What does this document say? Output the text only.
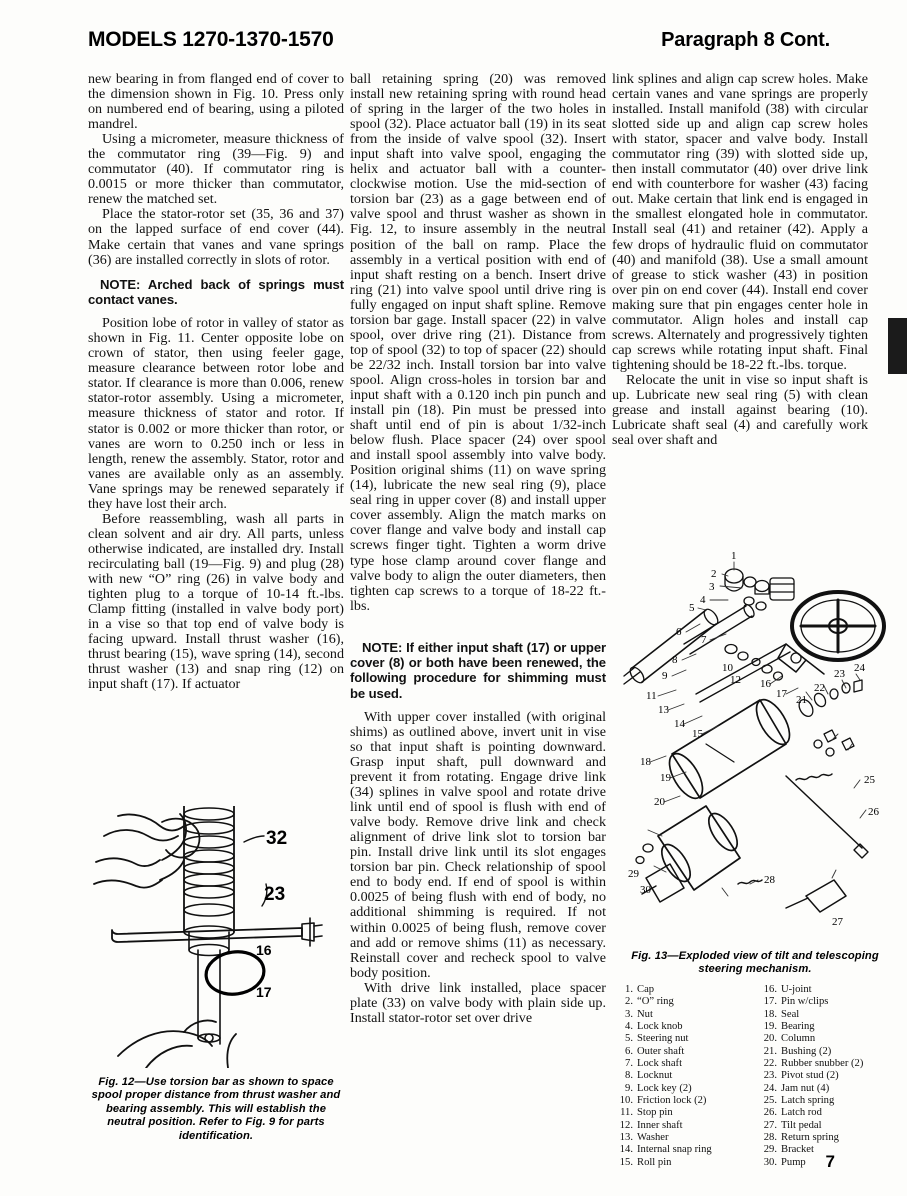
MODELS 1270-1370-1570	Paragraph 8 Cont.

new bearing in from flanged end of cover to the dimension shown in Fig. 10. Press only on numbered end of bearing, using a piloted mandrel.

Using a micrometer, measure thickness of the commutator ring (39—Fig. 9) and commutator (40). If commutator ring is 0.0015 or more thicker than commutator, renew the matched set.

Place the stator-rotor set (35, 36 and 37) on the lapped surface of end cover (44). Make certain that vanes and vane springs (36) are installed correctly in slots of rotor.

NOTE: Arched back of springs must contact vanes.

Position lobe of rotor in valley of stator as shown in Fig. 11. Center opposite lobe on crown of stator, then using feeler gage, measure clearance between rotor lobe and stator. If clearance is more than 0.006, renew stator-rotor assembly. Using a micrometer, measure thickness of stator and rotor. If stator is 0.002 or more thicker than rotor, or vanes are worn to 0.250 inch or less in length, renew the assembly. Stator, rotor and vanes are available only as an assembly. Vane springs may be renewed separately if they have lost their arch.

Before reassembling, wash all parts in clean solvent and air dry. All parts, unless otherwise indicated, are installed dry. Install recirculating ball (19—Fig. 9) and plug (28) with new “O” ring (26) in valve body and tighten plug to a torque of 10-14 ft.-lbs. Clamp fitting (installed in valve body port) in a vise so that top end of valve body is facing upward. Install thrust washer (16), thrust bearing (15), wave spring (14), second thrust washer (13) and snap ring (12) on input shaft (17). If actuator

ball retaining spring (20) was removed install new retaining spring with round head of spring in the larger of the two holes in spool (32). Place actuator ball (19) in its seat from the inside of valve spool (32). Insert input shaft into valve spool, engaging the helix and actuator ball with a counter-clockwise motion. Use the mid-section of torsion bar (23) as a gage between end of valve spool and thrust washer as shown in Fig. 12, to insure assembly in the neutral position of the ball on ramp. Place the assembly in a vertical position with end of input shaft resting on a bench. Insert drive ring (21) into valve spool until drive ring is fully engaged on input shaft spline. Remove torsion bar gage. Install spacer (22) in valve spool, over drive ring (21). Distance from top of spool (32) to top of spacer (22) should be 22/32 inch. Install torsion bar into valve spool. Align cross-holes in torsion bar and input shaft with a 0.120 inch pin punch and install pin (18). Pin must be pressed into shaft until end of pin is about 1/32-inch below flush. Place spacer (24) over spool and install spool assembly into valve body. Position original shims (11) on wave spring (14), lubricate the new seal ring (9), place seal ring in upper cover (8) and install upper cover assembly. Align the match marks on cover flange and valve body and install cap screws finger tight. Tighten a worm drive type hose clamp around cover flange and valve body to align the outer diameters, then tighten cap screws to a torque of 18-22 ft.-lbs.

NOTE: If either input shaft (17) or upper cover (8) or both have been renewed, the following procedure for shimming must be used.

With upper cover installed (with original shims) as outlined above, invert unit in vise so that input shaft is pointing downward. Grasp input shaft, pull downward and prevent it from rotating. Engage drive link (34) splines in valve spool and rotate drive link until end of spool is flush with end of valve body. Remove drive link and check alignment of drive link slot to torsion bar pin. Install drive link until its slot engages torsion bar pin. Check relationship of spool end to body end. If end of spool is within 0.0025 of being flush with end of body, no additional shimming is required. If not within 0.0025 of being flush, remove cover and add or remove shims (11) as necessary. Reinstall cover and recheck spool to valve body position.

With drive link installed, place spacer plate (33) on valve body with plain side up. Install stator-rotor set over drive

link splines and align cap screw holes. Make certain vanes and vane springs are properly installed. Install manifold (38) with circular slotted side up and align cap screw holes with stator, spacer and valve body. Install commutator ring (39) with slotted side up, then install commutator (40) over drive link end with counterbore for washer (43) facing out. Make certain that link end is engaged in the smallest elongated hole in commutator. Install seal (41) and retainer (42). Apply a few drops of hydraulic fluid on commutator (40) and manifold (38). Use a small amount of grease to stick washer (43) in position over pin on end cover (44). Install end cover making sure that pin engages center hole in commutator. Align holes and install cap screws. Alternately and progressively tighten cap screws while rotating input shaft. Final tightening should be 18-22 ft.-lbs. torque.

Relocate the unit in vise so input shaft is up. Lubricate new seal ring (5) with clean grease and install against bearing (10). Lubricate shaft seal (4) and carefully work seal over shaft and

32
23
16
17
Fig. 12—Use torsion bar as shown to space spool proper distance from thrust washer and bearing assembly. This will establish the neutral position. Refer to Fig. 9 for parts identification.
1
2
3
4
5
6
7
8
9
10
11
12
13
14
15
16
17
18
19
20
21
22
23 24
25
26
27
28
29
30
Fig. 13—Exploded view of tilt and telescoping steering mechanism.
1. Cap
2. “O” ring
3. Nut
4. Lock knob
5. Steering nut
6. Outer shaft
7. Lock shaft
8. Locknut
9. Lock key (2)
10. Friction lock (2)
11. Stop pin
12. Inner shaft
13. Washer
14. Internal snap ring
15. Roll pin
16. U-joint
17. Pin w/clips
18. Seal
19. Bearing
20. Column
21. Bushing (2)
22. Rubber snubber (2)
23. Pivot stud (2)
24. Jam nut (4)
25. Latch spring
26. Latch rod
27. Tilt pedal
28. Return spring
29. Bracket
30. Pump 7
